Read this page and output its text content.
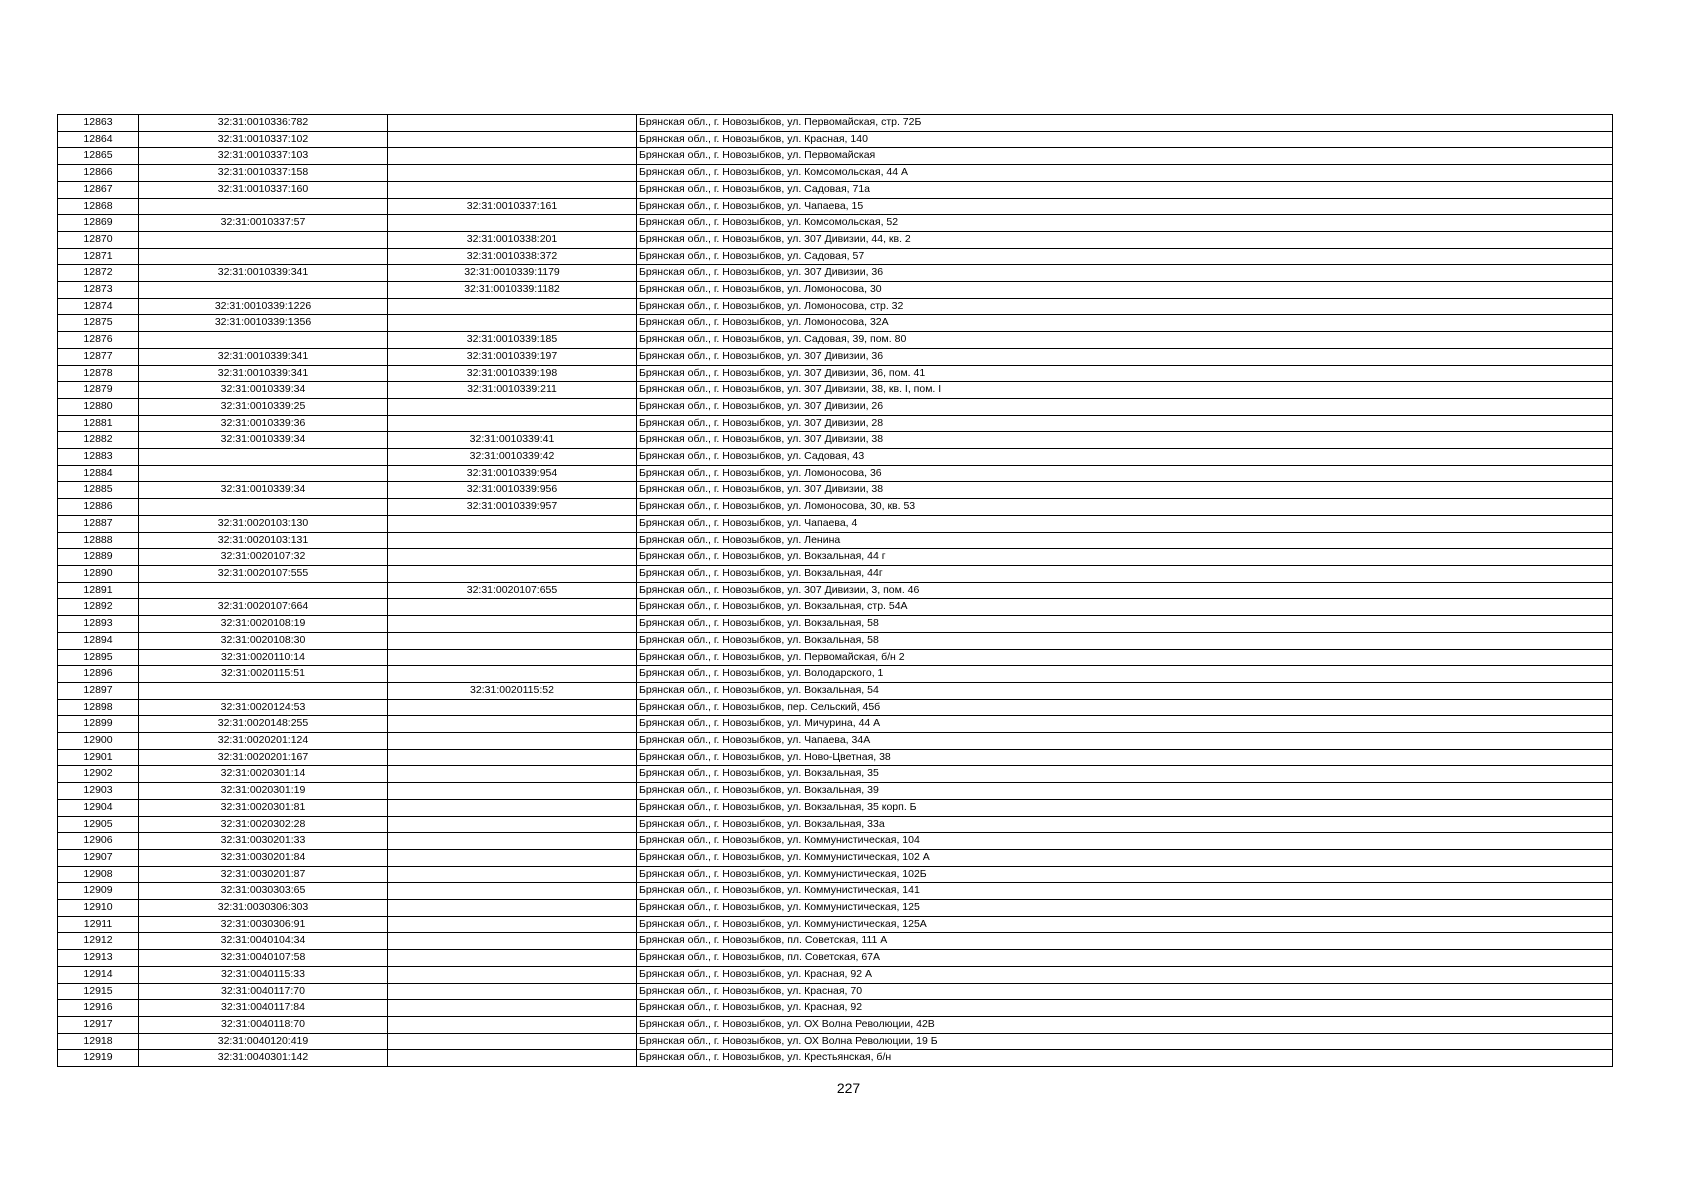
12863	32:31:0010336:782		Брянская обл., г. Новозыбков, ул. Первомайская, стр. 72Б
12864	32:31:0010337:102		Брянская обл., г. Новозыбков, ул. Красная, 140
12865	32:31:0010337:103		Брянская обл., г. Новозыбков, ул. Первомайская
12866	32:31:0010337:158		Брянская обл., г. Новозыбков, ул. Комсомольская, 44 А
12867	32:31:0010337:160		Брянская обл., г. Новозыбков, ул. Садовая, 71а
12868		32:31:0010337:161	Брянская обл., г. Новозыбков, ул. Чапаева, 15
12869	32:31:0010337:57		Брянская обл., г. Новозыбков, ул. Комсомольская, 52
12870		32:31:0010338:201	Брянская обл., г. Новозыбков, ул. 307 Дивизии, 44, кв. 2
12871		32:31:0010338:372	Брянская обл., г. Новозыбков, ул. Садовая, 57
12872	32:31:0010339:341	32:31:0010339:1179	Брянская обл., г. Новозыбков, ул. 307 Дивизии, 36
12873		32:31:0010339:1182	Брянская обл., г. Новозыбков, ул. Ломоносова, 30
12874	32:31:0010339:1226		Брянская обл., г. Новозыбков, ул. Ломоносова, стр. 32
12875	32:31:0010339:1356		Брянская обл., г. Новозыбков, ул. Ломоносова, 32А
12876		32:31:0010339:185	Брянская обл., г. Новозыбков, ул. Садовая, 39, пом. 80
12877	32:31:0010339:341	32:31:0010339:197	Брянская обл., г. Новозыбков, ул. 307 Дивизии, 36
12878	32:31:0010339:341	32:31:0010339:198	Брянская обл., г. Новозыбков, ул. 307 Дивизии, 36, пом. 41
12879	32:31:0010339:34	32:31:0010339:211	Брянская обл., г. Новозыбков, ул. 307 Дивизии, 38, кв. I, пом. I
12880	32:31:0010339:25		Брянская обл., г. Новозыбков, ул. 307 Дивизии, 26
12881	32:31:0010339:36		Брянская обл., г. Новозыбков, ул. 307 Дивизии, 28
12882	32:31:0010339:34	32:31:0010339:41	Брянская обл., г. Новозыбков, ул. 307 Дивизии, 38
12883		32:31:0010339:42	Брянская обл., г. Новозыбков, ул. Садовая, 43
12884		32:31:0010339:954	Брянская обл., г. Новозыбков, ул. Ломоносова, 36
12885	32:31:0010339:34	32:31:0010339:956	Брянская обл., г. Новозыбков, ул. 307 Дивизии, 38
12886		32:31:0010339:957	Брянская обл., г. Новозыбков, ул. Ломоносова, 30, кв. 53
12887	32:31:0020103:130		Брянская обл., г. Новозыбков, ул. Чапаева, 4
12888	32:31:0020103:131		Брянская обл., г. Новозыбков, ул. Ленина
12889	32:31:0020107:32		Брянская обл., г. Новозыбков, ул. Вокзальная, 44 г
12890	32:31:0020107:555		Брянская обл., г. Новозыбков, ул. Вокзальная, 44г
12891		32:31:0020107:655	Брянская обл., г. Новозыбков, ул. 307 Дивизии, 3, пом. 46
12892	32:31:0020107:664		Брянская обл., г. Новозыбков, ул. Вокзальная, стр. 54А
12893	32:31:0020108:19		Брянская обл., г. Новозыбков, ул. Вокзальная, 58
12894	32:31:0020108:30		Брянская обл., г. Новозыбков, ул. Вокзальная, 58
12895	32:31:0020110:14		Брянская обл., г. Новозыбков, ул. Первомайская, б/н 2
12896	32:31:0020115:51		Брянская обл., г. Новозыбков, ул. Володарского, 1
12897		32:31:0020115:52	Брянская обл., г. Новозыбков, ул. Вокзальная, 54
12898	32:31:0020124:53		Брянская обл., г. Новозыбков, пер. Сельский, 45б
12899	32:31:0020148:255		Брянская обл., г. Новозыбков, ул. Мичурина, 44 А
12900	32:31:0020201:124		Брянская обл., г. Новозыбков, ул. Чапаева, 34А
12901	32:31:0020201:167		Брянская обл., г. Новозыбков, ул. Ново-Цветная, 38
12902	32:31:0020301:14		Брянская обл., г. Новозыбков, ул. Вокзальная, 35
12903	32:31:0020301:19		Брянская обл., г. Новозыбков, ул. Вокзальная, 39
12904	32:31:0020301:81		Брянская обл., г. Новозыбков, ул. Вокзальная, 35 корп. Б
12905	32:31:0020302:28		Брянская обл., г. Новозыбков, ул. Вокзальная, 33а
12906	32:31:0030201:33		Брянская обл., г. Новозыбков, ул. Коммунистическая, 104
12907	32:31:0030201:84		Брянская обл., г. Новозыбков, ул. Коммунистическая, 102 А
12908	32:31:0030201:87		Брянская обл., г. Новозыбков, ул. Коммунистическая, 102Б
12909	32:31:0030303:65		Брянская обл., г. Новозыбков, ул. Коммунистическая, 141
12910	32:31:0030306:303		Брянская обл., г. Новозыбков, ул. Коммунистическая, 125
12911	32:31:0030306:91		Брянская обл., г. Новозыбков, ул. Коммунистическая, 125А
12912	32:31:0040104:34		Брянская обл., г. Новозыбков, пл. Советская, 111 А
12913	32:31:0040107:58		Брянская обл., г. Новозыбков, пл. Советская, 67А
12914	32:31:0040115:33		Брянская обл., г. Новозыбков, ул. Красная, 92 А
12915	32:31:0040117:70		Брянская обл., г. Новозыбков, ул. Красная, 70
12916	32:31:0040117:84		Брянская обл., г. Новозыбков, ул. Красная, 92
12917	32:31:0040118:70		Брянская обл., г. Новозыбков, ул. ОХ Волна Революции, 42В
12918	32:31:0040120:419		Брянская обл., г. Новозыбков, ул. ОХ Волна Революции, 19 Б
12919	32:31:0040301:142		Брянская обл., г. Новозыбков, ул. Крестьянская, б/н
227
